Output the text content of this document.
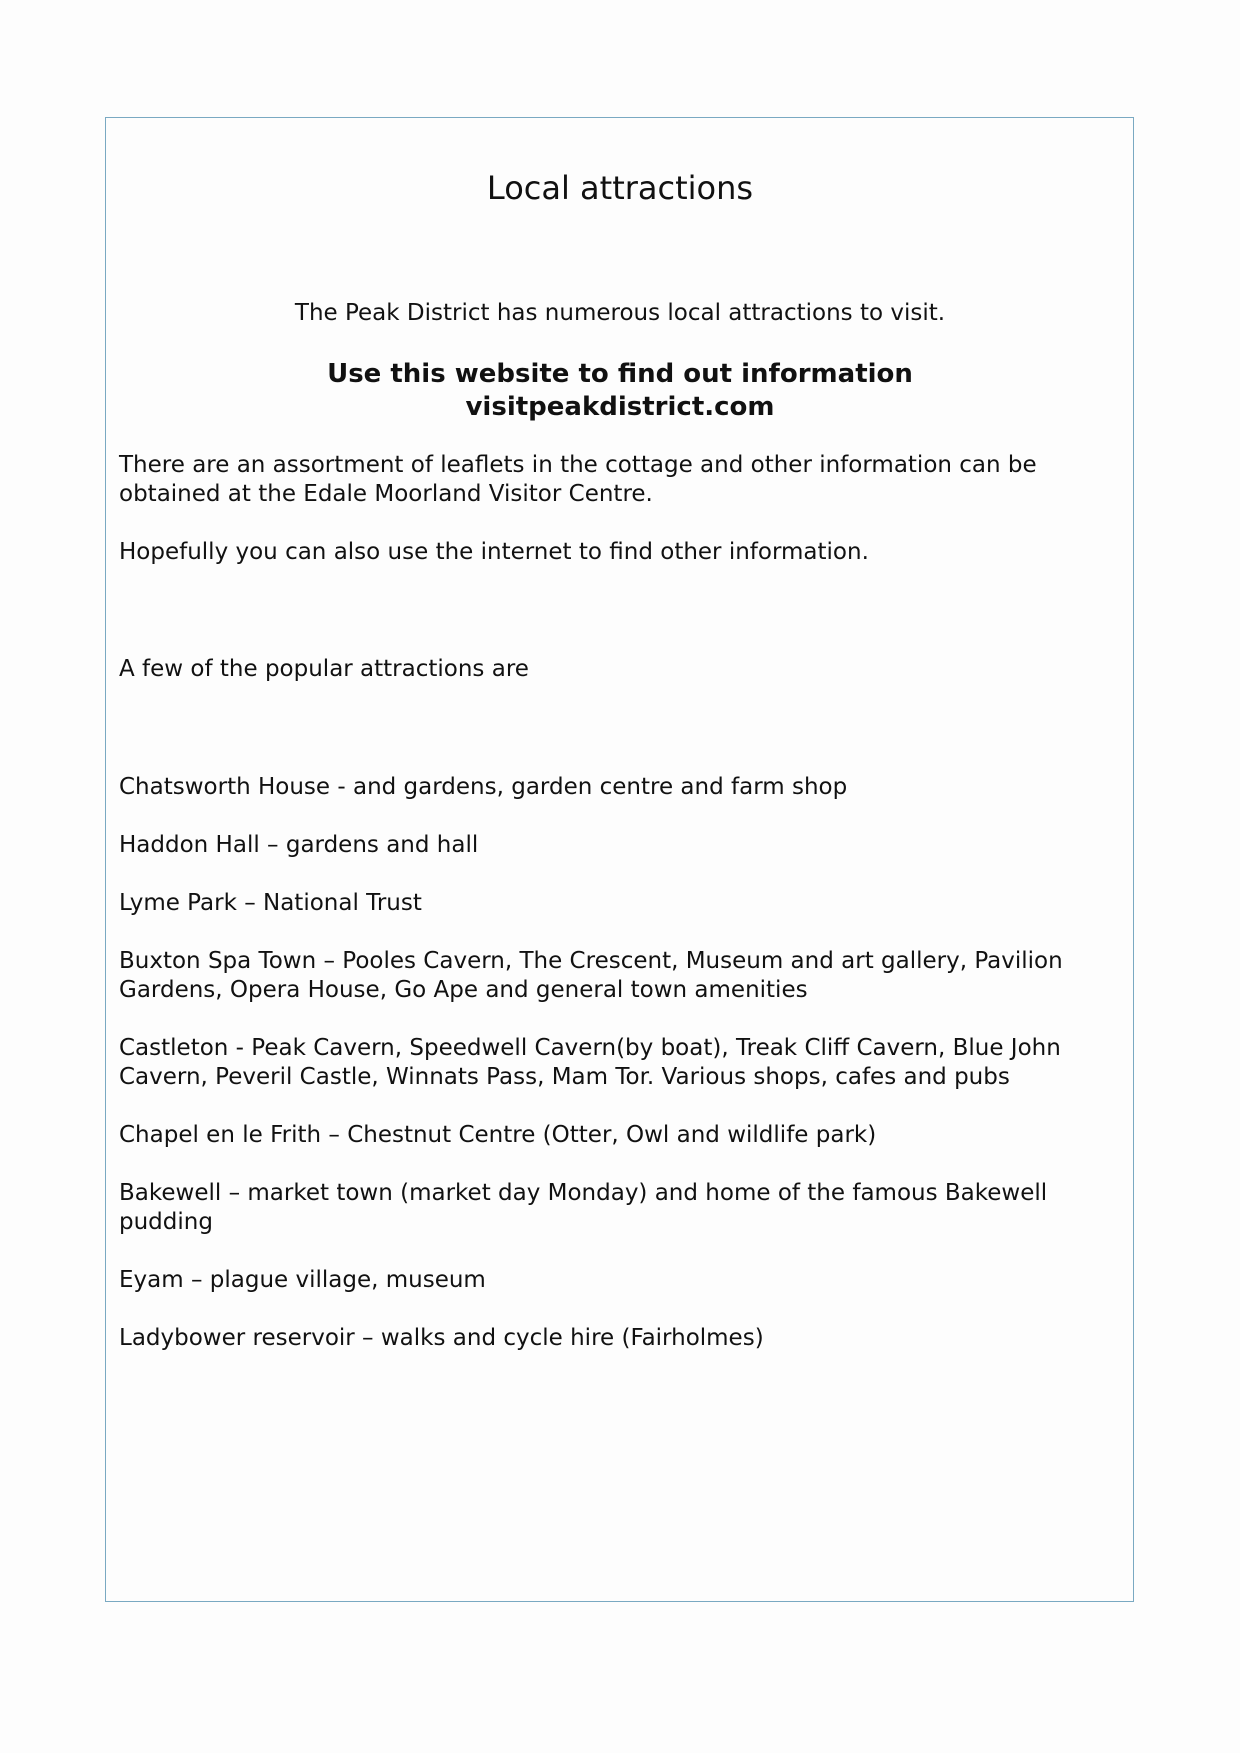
Local attractions

The Peak District has numerous local attractions to visit.

Use this website to find out information
visitpeakdistrict.com

There are an assortment of leaflets in the cottage and other information can be obtained at the Edale Moorland Visitor Centre.

Hopefully you can also use the internet to find other information.

A few of the popular attractions are

Chatsworth House - and gardens, garden centre and farm shop
Haddon Hall – gardens and hall
Lyme Park – National Trust
Buxton Spa Town – Pooles Cavern, The Crescent, Museum and art gallery, Pavilion Gardens, Opera House, Go Ape and general town amenities
Castleton - Peak Cavern, Speedwell Cavern(by boat), Treak Cliff Cavern, Blue John Cavern, Peveril Castle, Winnats Pass, Mam Tor. Various shops, cafes and pubs
Chapel en le Frith – Chestnut Centre (Otter, Owl and wildlife park)
Bakewell – market town (market day Monday) and home of the famous Bakewell pudding
Eyam – plague village, museum
Ladybower reservoir – walks and cycle hire (Fairholmes)
